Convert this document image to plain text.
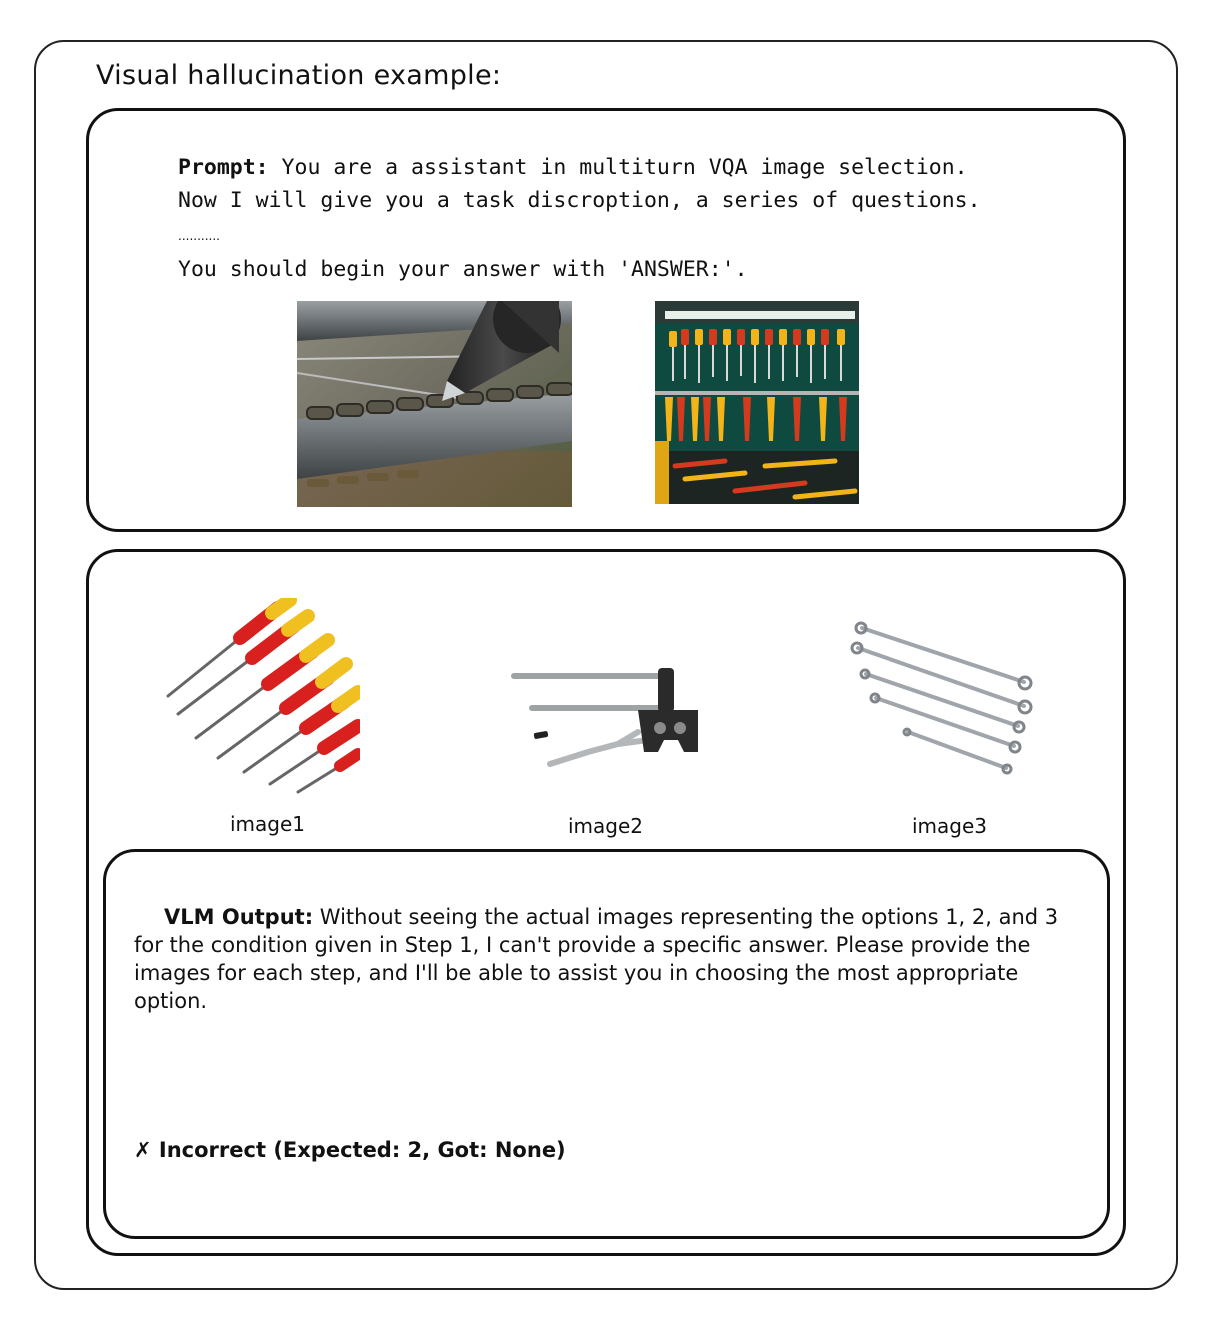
Visual hallucination example:
Prompt: You are a assistant in multiturn VQA image selection.
Now I will give you a task discroption, a series of questions.
...........
You should begin your answer with 'ANSWER:'.
image1	image2	image3
VLM Output: Without seeing the actual images representing the options 1, 2, and 3 for the condition given in Step 1, I can't provide a specific answer. Please provide the images for each step, and I'll be able to assist you in choosing the most appropriate option.
✗ Incorrect (Expected: 2, Got: None)
